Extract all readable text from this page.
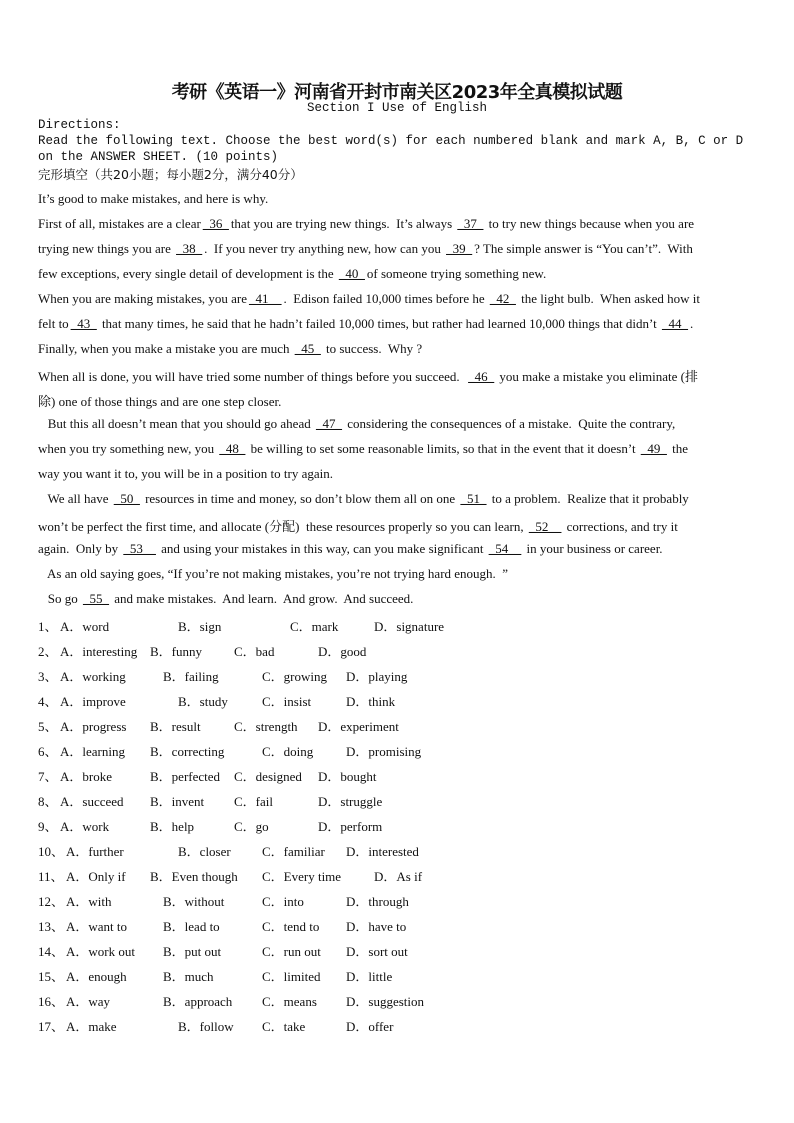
考研《英语一》河南省开封市南关区2023年全真模拟试题
Section I Use of English
Directions:
Read the following text. Choose the best word(s) for each numbered blank and mark A, B, C or D on the ANSWER SHEET. (10 points)
完形填空（共20小题；每小题2分，满分40分）
It’s good to make mistakes, and here is why.
First of all, mistakes are a clear _36_ that you are trying new things.  It’s always _37_ to try new things because when you are
trying new things you are _38_ .  If you never try anything new, how can you _39_ ? The simple answer is “You can’t”.  With
few exceptions, every single detail of development is the _40_ of someone trying something new.
When you are making mistakes, you are _41__ .  Edison failed 10,000 times before he _42_ the light bulb.  When asked how it
felt to _43_ that many times, he said that he hadn’t failed 10,000 times, but rather had learned 10,000 things that didn’t _44_ .
Finally, when you make a mistake you are much _45_ to success.  Why ?
When all is done, you will have tried some number of things before you succeed.  _46_ you make a mistake you eliminate (排
除) one of those things and are one step closer.
But this all doesn’t mean that you should go ahead _47_ considering the consequences of a mistake.  Quite the contrary,
when you try something new, you _48_ be willing to set some reasonable limits, so that in the event that it doesn’t _49_ the
way you want it to, you will be in a position to try again.
We all have _50_ resources in time and money, so don’t blow them all on one _51_ to a problem.  Realize that it probably
won’t be perfect the first time, and allocate (分配)  these resources properly so you can learn, _52__ corrections, and try it
again.  Only by _53__ and using your mistakes in this way, can you make significant _54__ in your business or career.
As an old saying goes, “If you’re not making mistakes, you’re not trying hard enough.  ”
So go _55_ and make mistakes.  And learn.  And grow.  And succeed.
1、 A．word	B．sign	C．mark	D．signature
2、 A．interesting B．funny C．bad	D．good
3、 A．working	B．failing	C．growing D．playing
4、 A．improve	B．study	C．insist	D．think
5、 A．progress B．result	C．strength D．experiment
6、 A．learning B．correcting	C．doing	D．promising
7、 A．broke	B．perfected C．designed D．bought
8、 A．succeed B．invent C．fail	D．struggle
9、 A．work	B．help	C．go	D．perform
10、 A．further	B．closer C．familiar D．interested
11、 A．Only if B．Even though C．Every time	D．As if
12、 A．with	B．without	C．into	D．through
13、 A．want to	B．lead to	C．tend to D．have to
14、 A．work out B．put out	C．run out D．sort out
15、 A．enough	B．much	C．limited D．little
16、 A．way	B．approach C．means D．suggestion
17、 A．make	B．follow C．take	D．offer
